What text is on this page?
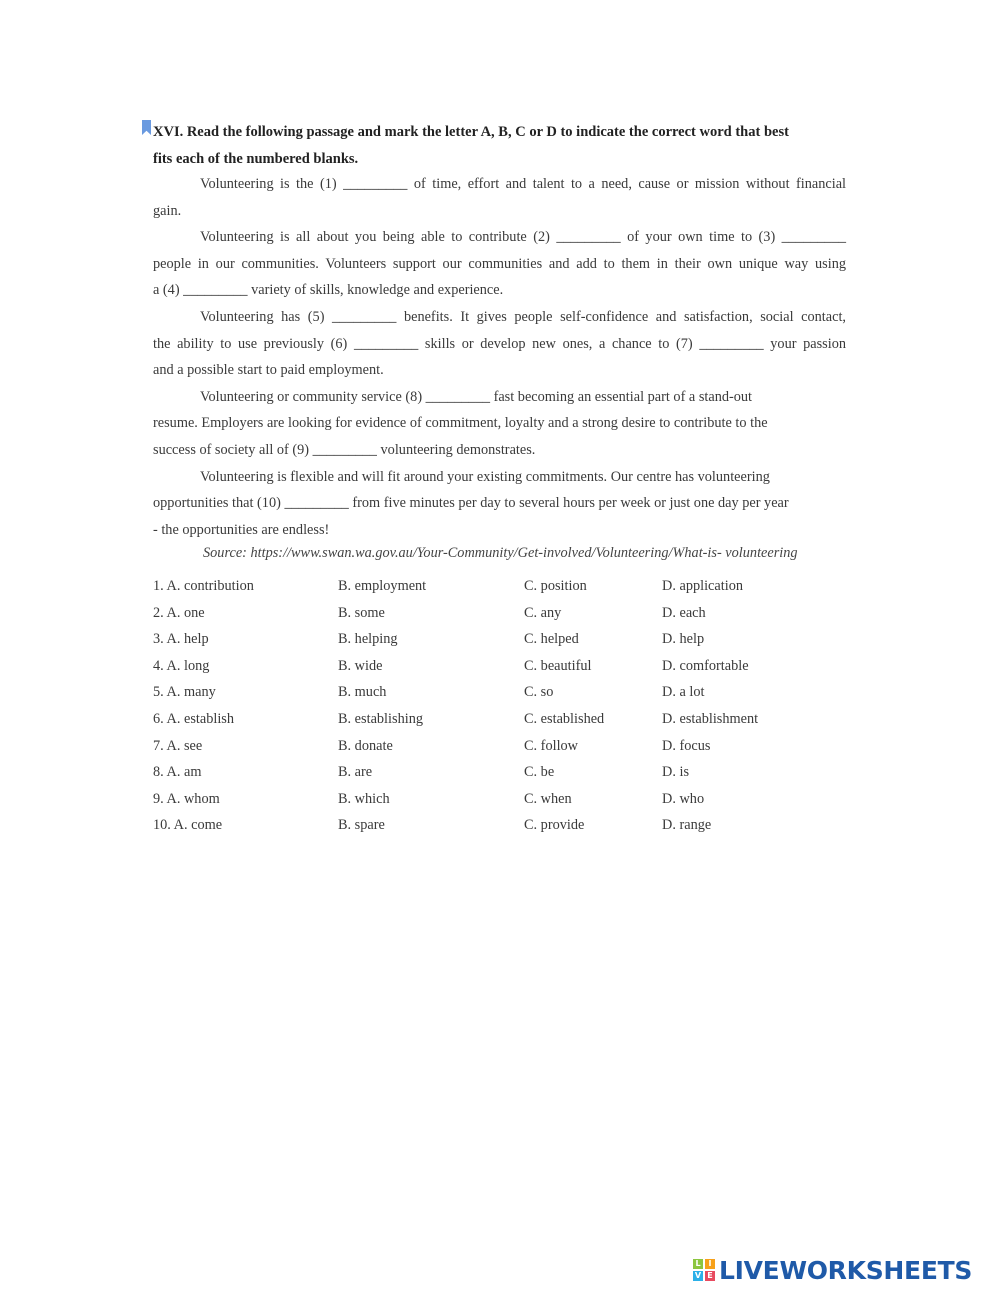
XVI. Read the following passage and mark the letter A, B, C or D to indicate the correct word that best
fits each of the numbered blanks.
Volunteering is the (1) _________ of time, effort and talent to a need, cause or mission without financial
gain.
Volunteering is all about you being able to contribute (2) _________ of your own time to (3) _________
people in our communities. Volunteers support our communities and add to them in their own unique way using
a (4) _________ variety of skills, knowledge and experience.
Volunteering has (5) _________ benefits. It gives people self-confidence and satisfaction, social contact,
the ability to use previously (6) _________ skills or develop new ones, a chance to (7) _________ your passion
and a possible start to paid employment.
Volunteering or community service (8) _________ fast becoming an essential part of a stand-out
resume. Employers are looking for evidence of commitment, loyalty and a strong desire to contribute to the
success of society all of (9) _________ volunteering demonstrates.
Volunteering is flexible and will fit around your existing commitments. Our centre has volunteering
opportunities that (10) _________ from five minutes per day to several hours per week or just one day per year
- the opportunities are endless!
Source: https://www.swan.wa.gov.au/Your-Community/Get-involved/Volunteering/What-is- volunteering
1. A. contribution	B. employment	C. position	D. application
2. A. one	B. some	C. any	D. each
3. A. help	B. helping	C. helped	D. help
4. A. long	B. wide	C. beautiful	D. comfortable
5. A. many	B. much	C. so	D. a lot
6. A. establish	B. establishing	C. established	D. establishment
7. A. see	B. donate	C. follow	D. focus
8. A. am	B. are	C. be	D. is
9. A. whom	B. which	C. when	D. who
10. A. come	B. spare	C. provide	D. range
L I
V E LIVEWORKSHEETS
